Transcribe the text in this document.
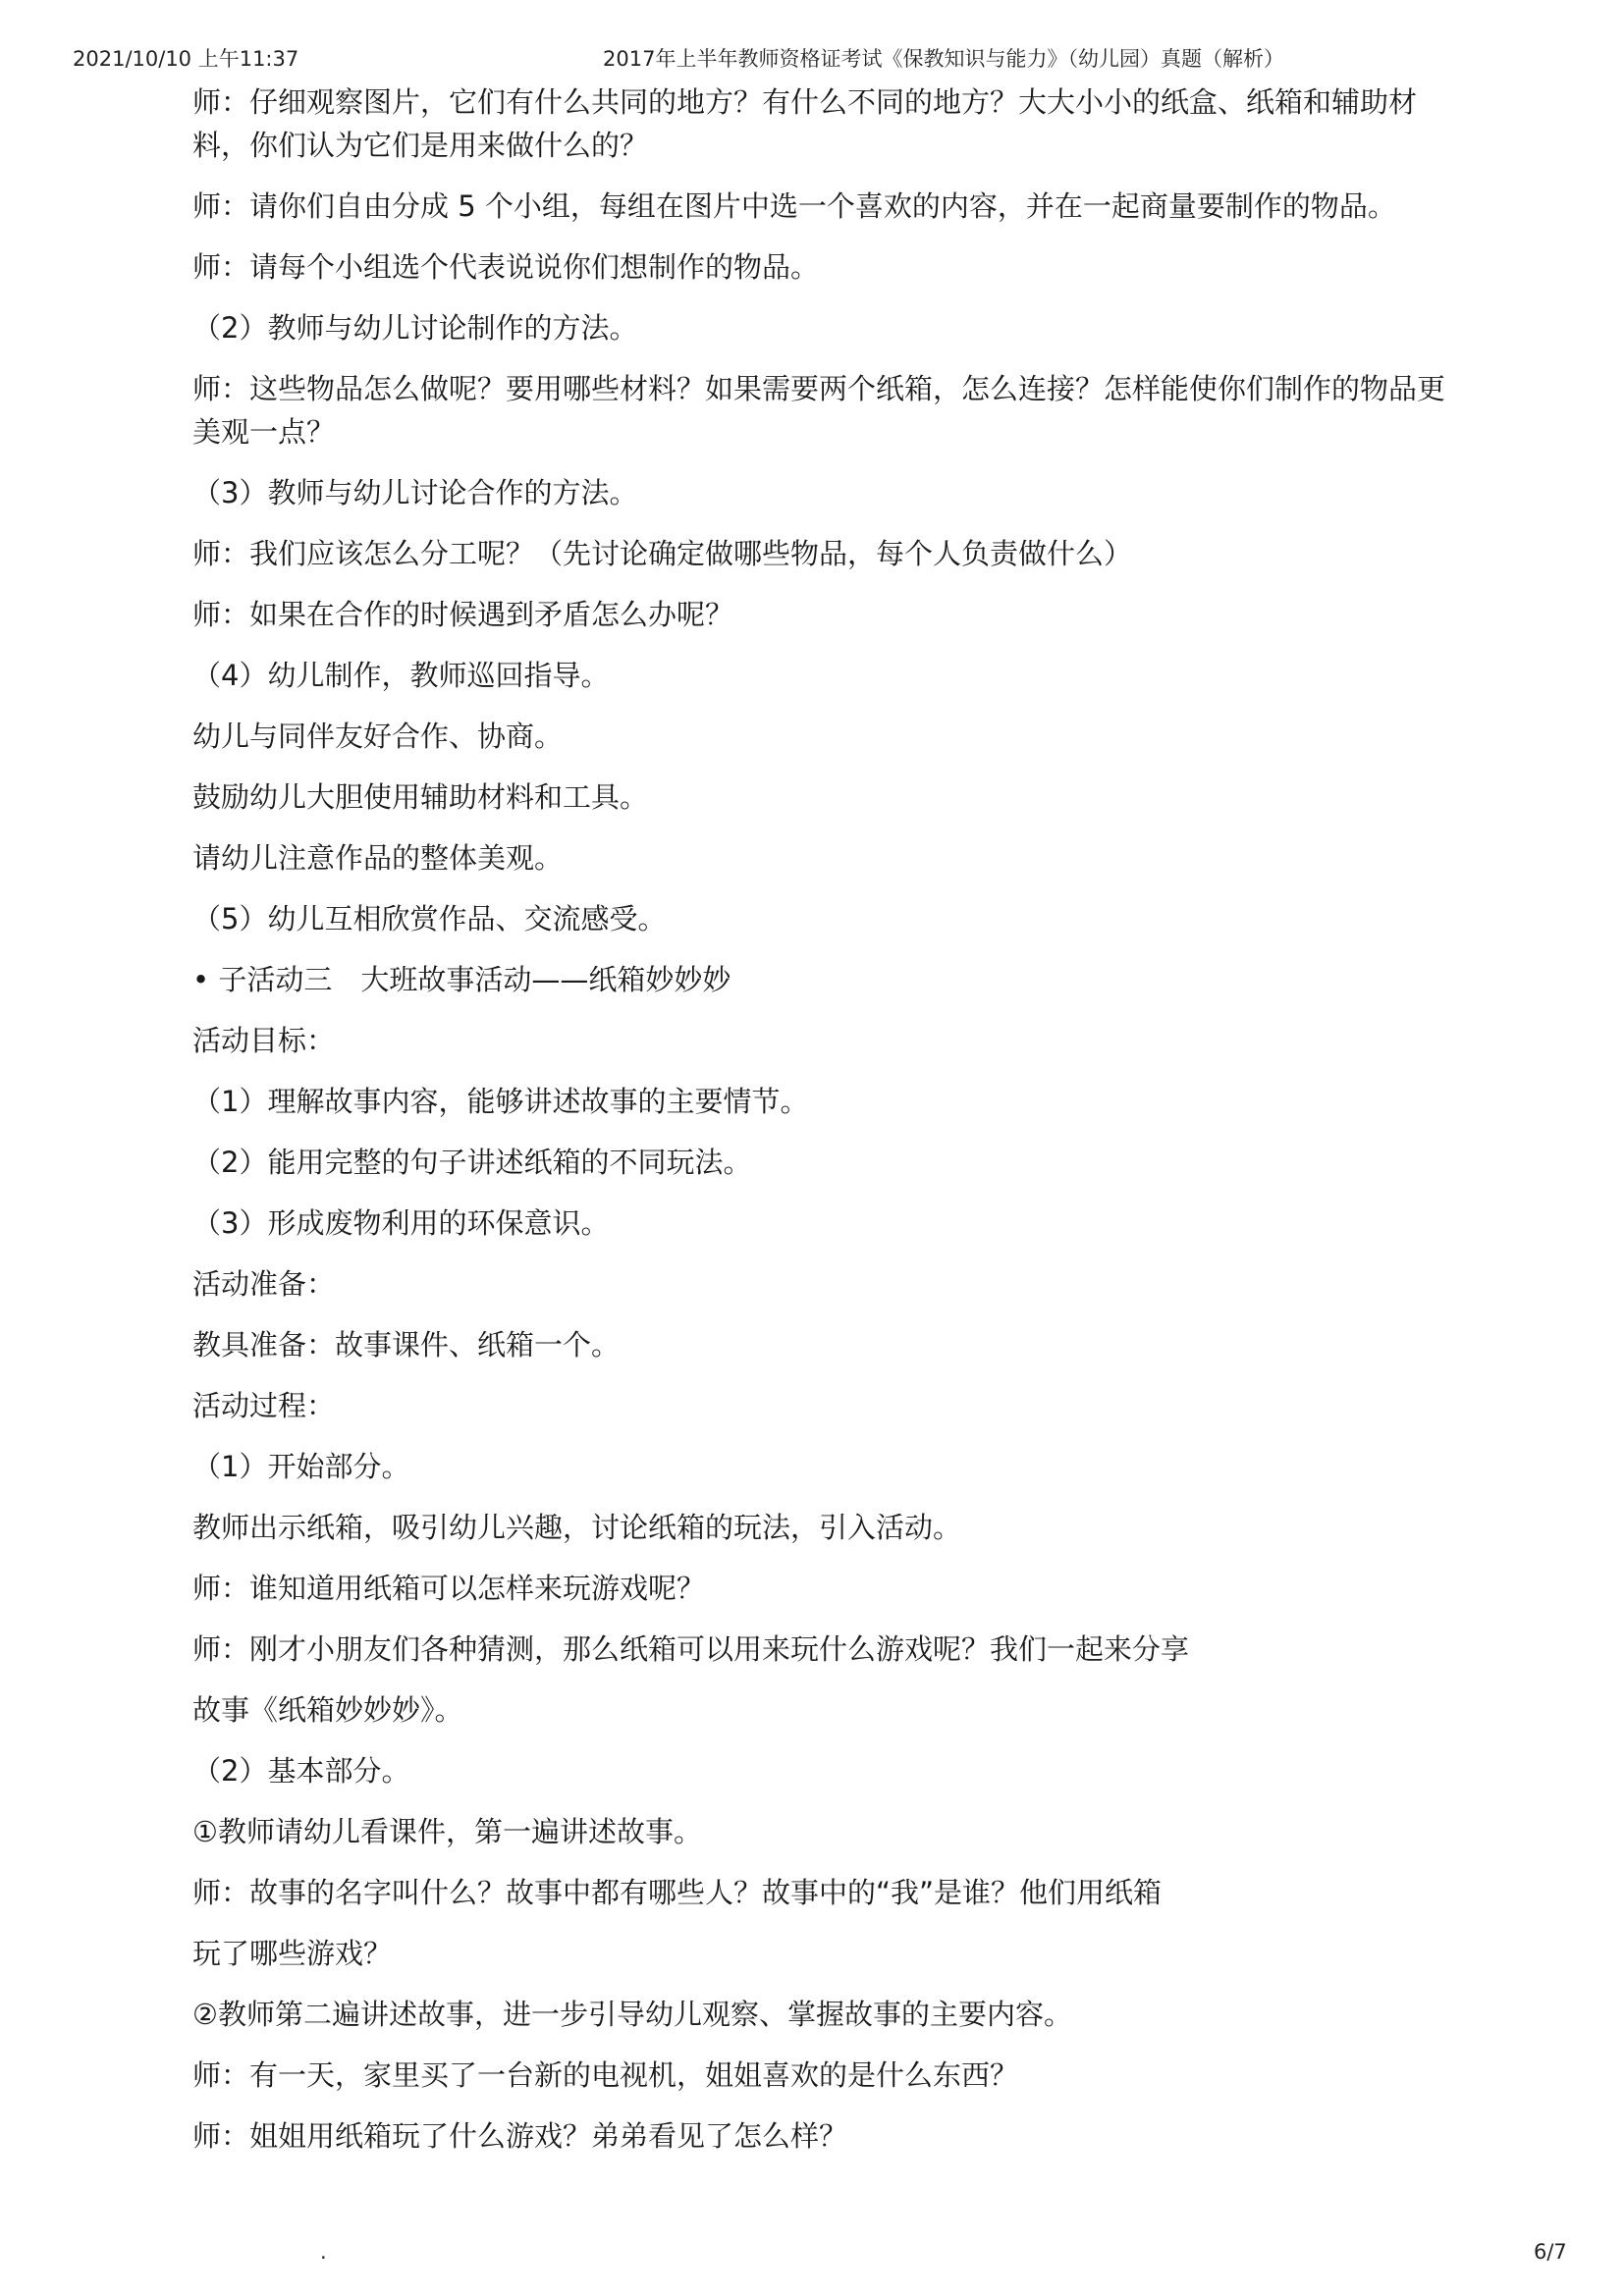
2021/10/10 上午11:37	2017年上半年教师资格证考试《保教知识与能力》（幼儿园）真题（解析）

师：仔细观察图片，它们有什么共同的地方？有什么不同的地方？大大小小的纸盒、纸箱和辅助材

料，你们认为它们是用来做什么的？

师：请你们自由分成 5 个小组，每组在图片中选一个喜欢的内容，并在一起商量要制作的物品。

师：请每个小组选个代表说说你们想制作的物品。

（2）教师与幼儿讨论制作的方法。

师：这些物品怎么做呢？要用哪些材料？如果需要两个纸箱，怎么连接？怎样能使你们制作的物品更

美观一点？

（3）教师与幼儿讨论合作的方法。

师：我们应该怎么分工呢？（先讨论确定做哪些物品，每个人负责做什么）

师：如果在合作的时候遇到矛盾怎么办呢？

（4）幼儿制作，教师巡回指导。

幼儿与同伴友好合作、协商。

鼓励幼儿大胆使用辅助材料和工具。

请幼儿注意作品的整体美观。

（5）幼儿互相欣赏作品、交流感受。

• 子活动三　大班故事活动——纸箱妙妙妙

活动目标：

（1）理解故事内容，能够讲述故事的主要情节。

（2）能用完整的句子讲述纸箱的不同玩法。

（3）形成废物利用的环保意识。

活动准备：

教具准备：故事课件、纸箱一个。

活动过程：

（1）开始部分。

教师出示纸箱，吸引幼儿兴趣，讨论纸箱的玩法，引入活动。

师：谁知道用纸箱可以怎样来玩游戏呢？

师：刚才小朋友们各种猜测，那么纸箱可以用来玩什么游戏呢？我们一起来分享

故事《纸箱妙妙妙》。

（2）基本部分。

①教师请幼儿看课件，第一遍讲述故事。

师：故事的名字叫什么？故事中都有哪些人？故事中的“我”是谁？他们用纸箱

玩了哪些游戏？

②教师第二遍讲述故事，进一步引导幼儿观察、掌握故事的主要内容。

师：有一天，家里买了一台新的电视机，姐姐喜欢的是什么东西？

师：姐姐用纸箱玩了什么游戏？弟弟看见了怎么样？

.	6/7
